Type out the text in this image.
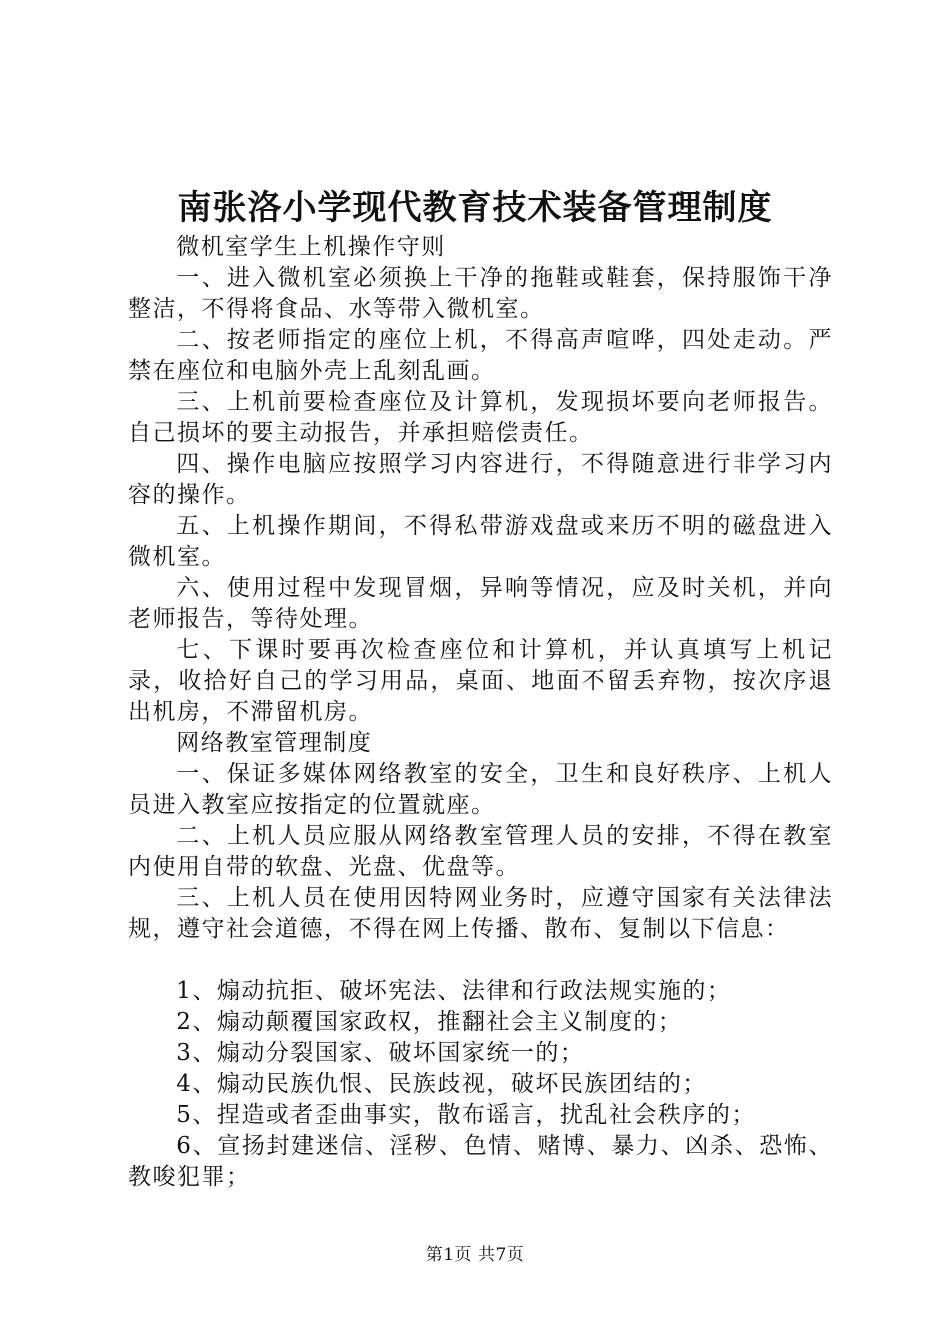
南张洛小学现代教育技术装备管理制度

微机室学生上机操作守则

一、进入微机室必须换上干净的拖鞋或鞋套，保持服饰干净整洁，不得将食品、水等带入微机室。

二、按老师指定的座位上机，不得高声喧哗，四处走动。严禁在座位和电脑外壳上乱刻乱画。

三、上机前要检查座位及计算机，发现损坏要向老师报告。自己损坏的要主动报告，并承担赔偿责任。

四、操作电脑应按照学习内容进行，不得随意进行非学习内容的操作。

五、上机操作期间，不得私带游戏盘或来历不明的磁盘进入微机室。

六、使用过程中发现冒烟，异响等情况，应及时关机，并向老师报告，等待处理。

七、下课时要再次检查座位和计算机，并认真填写上机记录，收拾好自己的学习用品，桌面、地面不留丢弃物，按次序退出机房，不滞留机房。

网络教室管理制度

一、保证多媒体网络教室的安全，卫生和良好秩序、上机人员进入教室应按指定的位置就座。

二、上机人员应服从网络教室管理人员的安排，不得在教室内使用自带的软盘、光盘、优盘等。

三、上机人员在使用因特网业务时，应遵守国家有关法律法规，遵守社会道德，不得在网上传播、散布、复制以下信息：

1、煽动抗拒、破坏宪法、法律和行政法规实施的；

2、煽动颠覆国家政权，推翻社会主义制度的；

3、煽动分裂国家、破坏国家统一的；

4、煽动民族仇恨、民族歧视，破坏民族团结的；

5、捏造或者歪曲事实，散布谣言，扰乱社会秩序的；

6、宣扬封建迷信、淫秽、色情、赌博、暴力、凶杀、恐怖、教唆犯罪；

第1页 共7页
